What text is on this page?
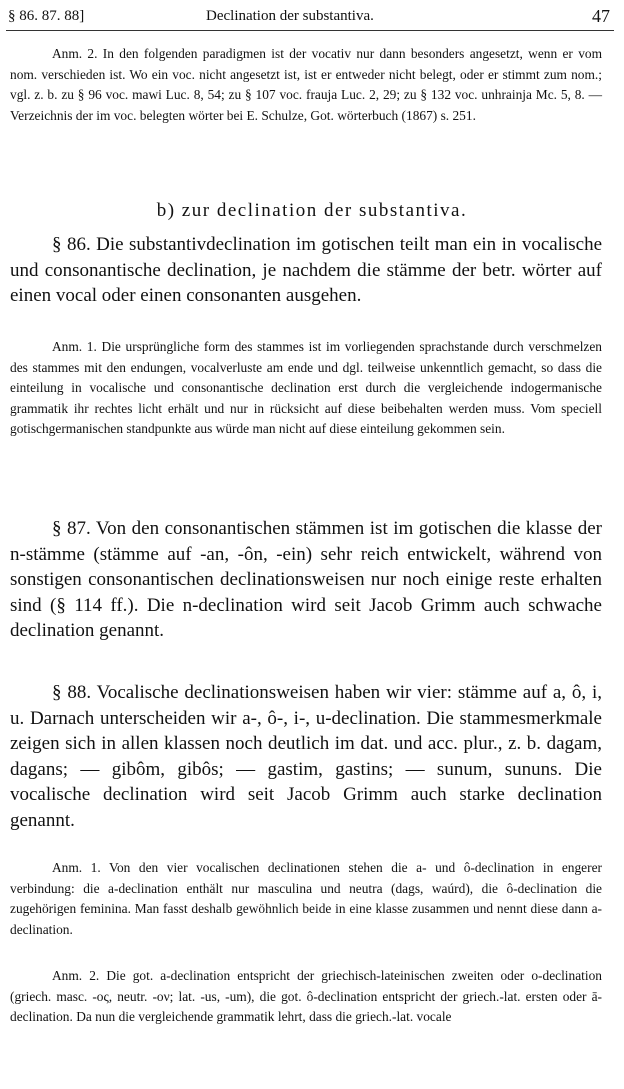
§ 86. 87. 88]	Declination der substantiva.	47

Anm. 2. In den folgenden paradigmen ist der vocativ nur dann besonders angesetzt, wenn er vom nom. verschieden ist. Wo ein voc. nicht angesetzt ist, ist er entweder nicht belegt, oder er stimmt zum nom.; vgl. z. b. zu § 96 voc. mawi Luc. 8, 54; zu § 107 voc. frauja Luc. 2, 29; zu § 132 voc. unhrainja Mc. 5, 8. — Verzeichnis der im voc. belegten wörter bei E. Schulze, Got. wörterbuch (1867) s. 251.

b) zur declination der substantiva.

§ 86. Die substantivdeclination im gotischen teilt man ein in vocalische und consonantische declination, je nachdem die stämme der betr. wörter auf einen vocal oder einen consonanten ausgehen.

Anm. 1. Die ursprüngliche form des stammes ist im vorliegenden sprachstande durch verschmelzen des stammes mit den endungen, vocalverluste am ende und dgl. teilweise unkenntlich gemacht, so dass die einteilung in vocalische und consonantische declination erst durch die vergleichende indogermanische grammatik ihr rechtes licht erhält und nur in rücksicht auf diese beibehalten werden muss. Vom speciell gotischgermanischen standpunkte aus würde man nicht auf diese einteilung gekommen sein.

§ 87. Von den consonantischen stämmen ist im gotischen die klasse der n-stämme (stämme auf -an, -ôn, -ein) sehr reich entwickelt, während von sonstigen consonantischen declinationsweisen nur noch einige reste erhalten sind (§ 114 ff.). Die n-declination wird seit Jacob Grimm auch schwache declination genannt.

§ 88. Vocalische declinationsweisen haben wir vier: stämme auf a, ô, i, u. Darnach unterscheiden wir a-, ô-, i-, u-declination. Die stammesmerkmale zeigen sich in allen klassen noch deutlich im dat. und acc. plur., z. b. dagam, dagans; — gibôm, gibôs; — gastim, gastins; — sunum, sununs. Die vocalische declination wird seit Jacob Grimm auch starke declination genannt.

Anm. 1. Von den vier vocalischen declinationen stehen die a- und ô-declination in engerer verbindung: die a-declination enthält nur masculina und neutra (dags, waúrd), die ô-declination die zugehörigen feminina. Man fasst deshalb gewöhnlich beide in eine klasse zusammen und nennt diese dann a-declination.

Anm. 2. Die got. a-declination entspricht der griechisch-lateinischen zweiten oder o-declination (griech. masc. -ος, neutr. -ον; lat. -us, -um), die got. ô-declination entspricht der griech.-lat. ersten oder ā-declination. Da nun die vergleichende grammatik lehrt, dass die griech.-lat. vocale
